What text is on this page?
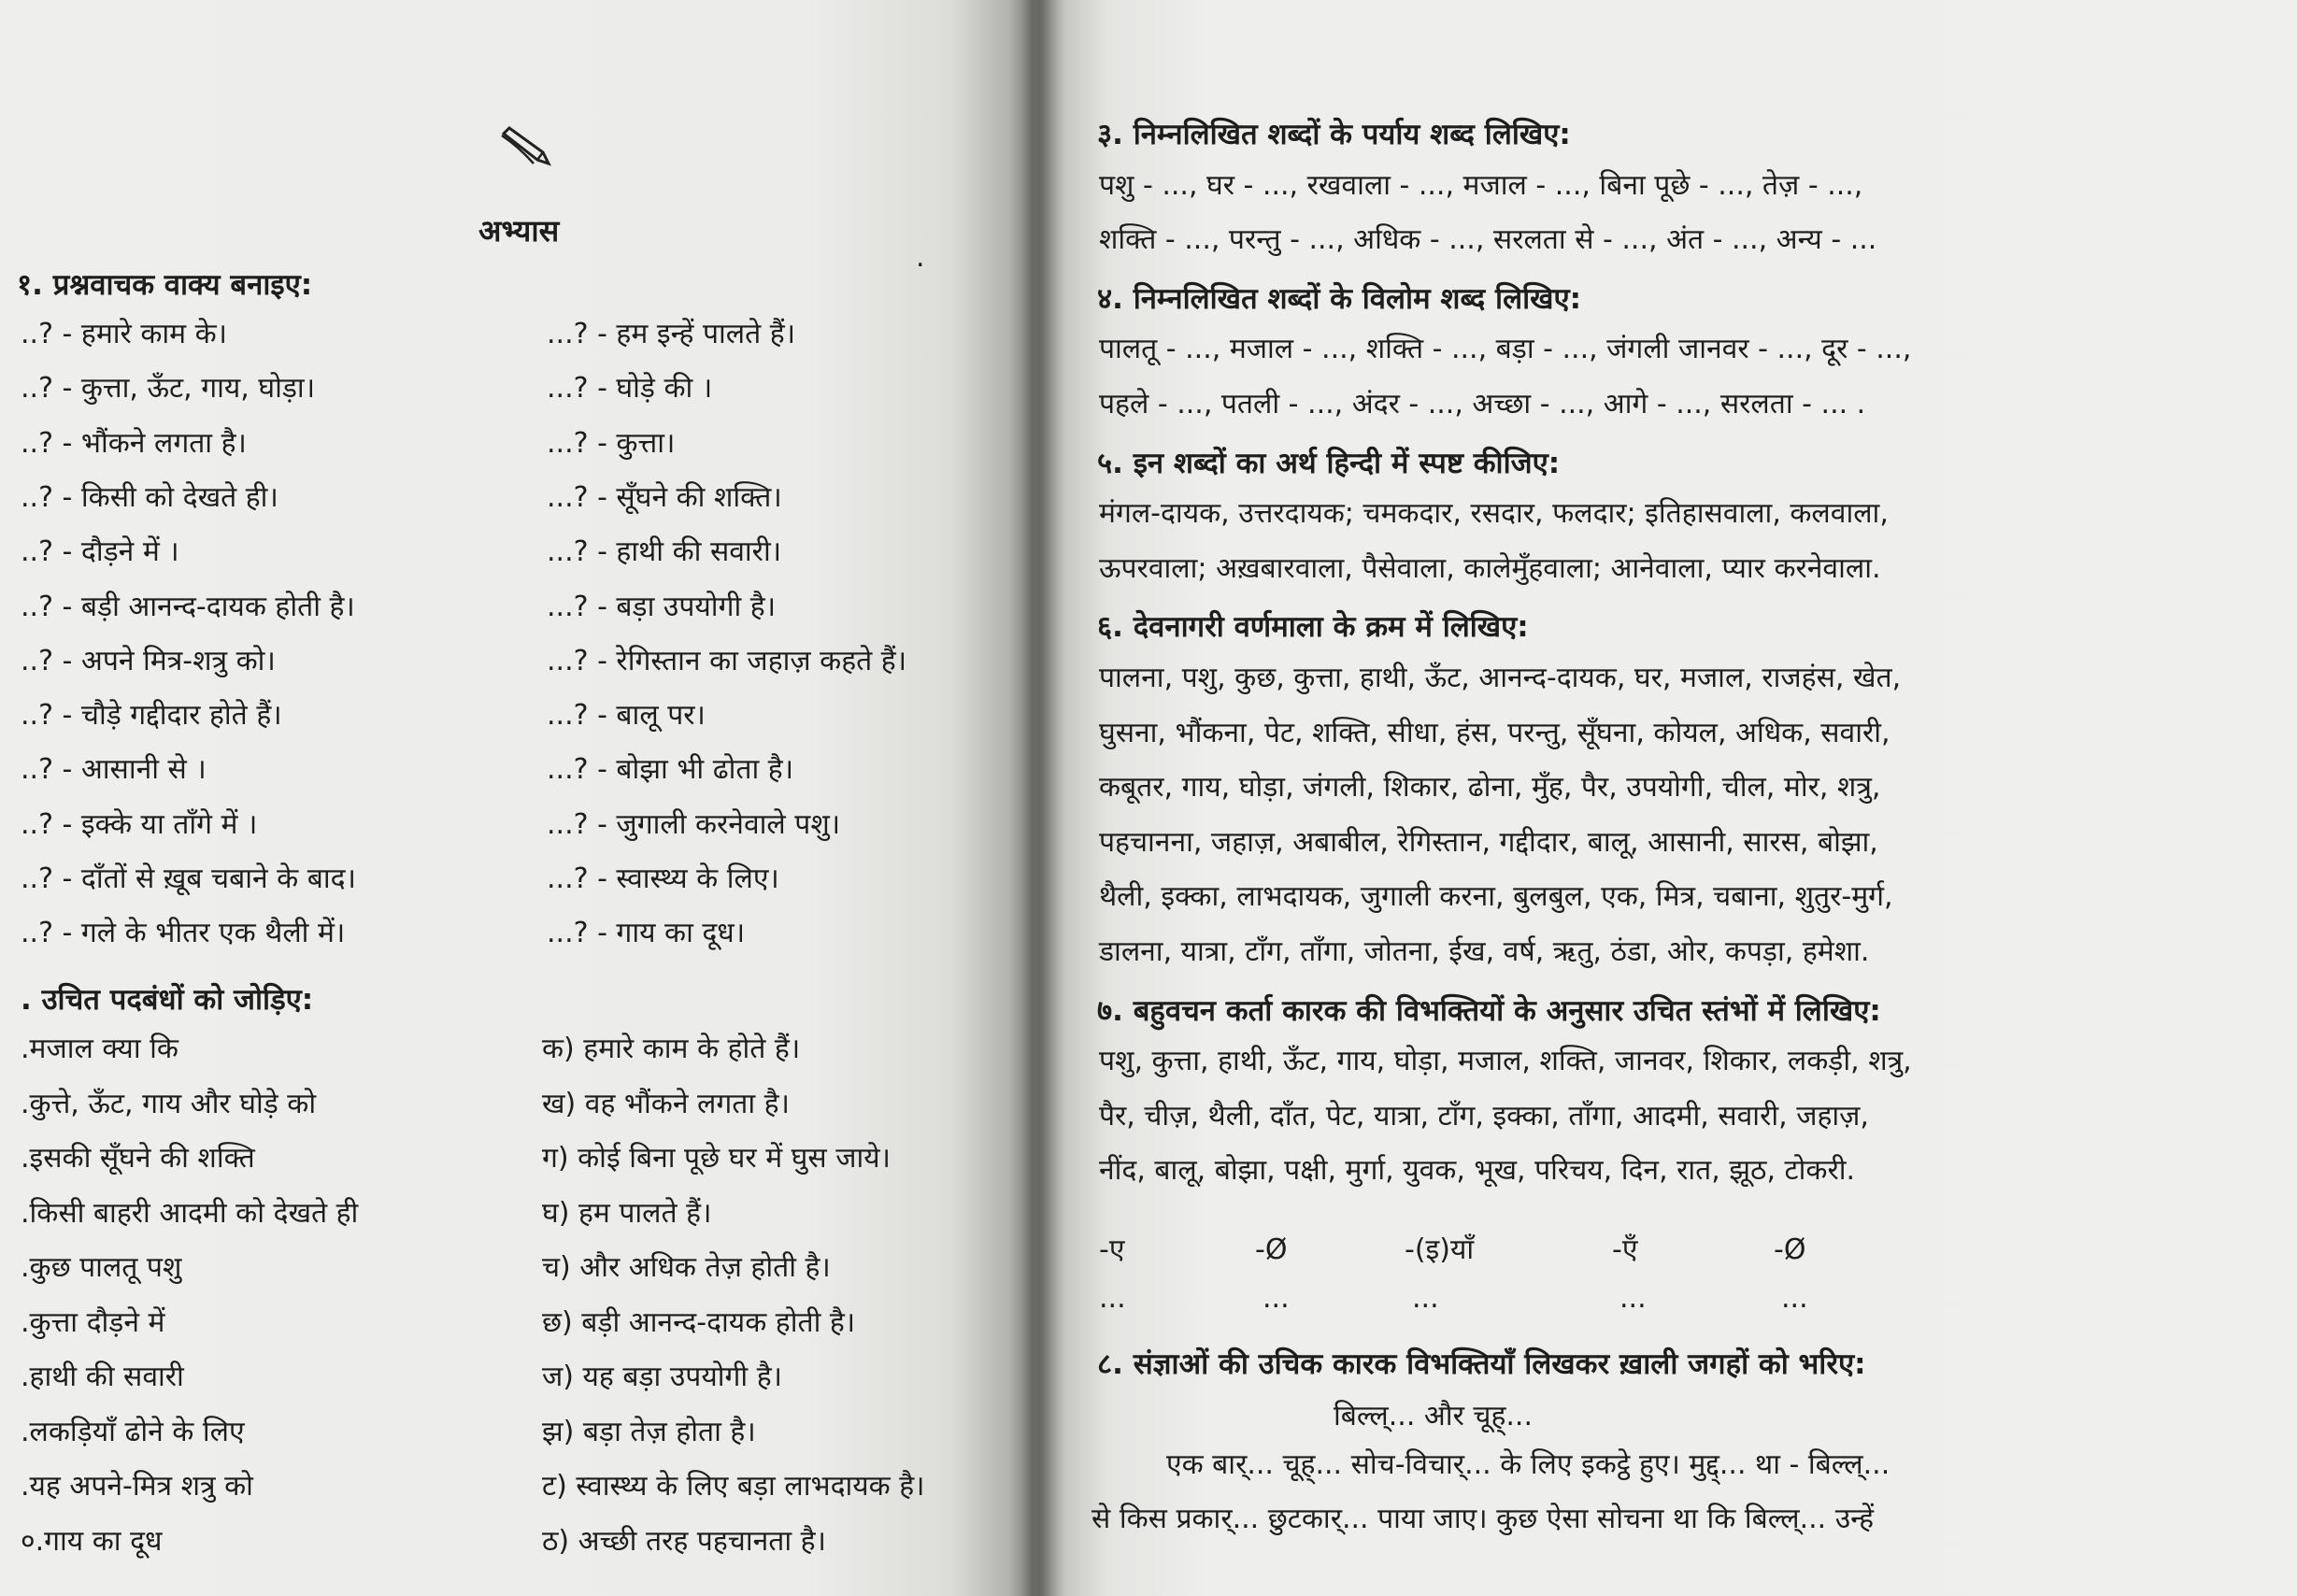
अभ्यास
.
१. प्रश्नवाचक वाक्य बनाइए:
..? - हमारे काम के।	...? - हम इन्हें पालते हैं।
..? - कुत्ता, ऊँट, गाय, घोड़ा।	...? - घोड़े की ।
..? - भौंकने लगता है।	...? - कुत्ता।
..? - किसी को देखते ही।	...? - सूँघने की शक्ति।
..? - दौड़ने में ।	...? - हाथी की सवारी।
..? - बड़ी आनन्द-दायक होती है।	...? - बड़ा उपयोगी है।
..? - अपने मित्र-शत्रु को।	...? - रेगिस्तान का जहाज़ कहते हैं।
..? - चौड़े गद्दीदार होते हैं।	...? - बालू पर।
..? - आसानी से ।	...? - बोझा भी ढोता है।
..? - इक्के या ताँगे में ।	...? - जुगाली करनेवाले पशु।
..? - दाँतों से ख़ूब चबाने के बाद।	...? - स्वास्थ्य के लिए।
..? - गले के भीतर एक थैली में।	...? - गाय का दूध।
. उचित पदबंधों को जोड़िए:
.मजाल क्या कि	क) हमारे काम के होते हैं।
.कुत्ते, ऊँट, गाय और घोड़े को	ख) वह भौंकने लगता है।
.इसकी सूँघने की शक्ति	ग) कोई बिना पूछे घर में घुस जाये।
.किसी बाहरी आदमी को देखते ही	घ) हम पालते हैं।
.कुछ पालतू पशु	च) और अधिक तेज़ होती है।
.कुत्ता दौड़ने में	छ) बड़ी आनन्द-दायक होती है।
.हाथी की सवारी	ज) यह बड़ा उपयोगी है।
.लकड़ियाँ ढोने के लिए	झ) बड़ा तेज़ होता है।
.यह अपने-मित्र शत्रु को	ट) स्वास्थ्य के लिए बड़ा लाभदायक है।
०.गाय का दूध	ठ) अच्छी तरह पहचानता है।
३. निम्नलिखित शब्दों के पर्याय शब्द लिखिए:
पशु - ..., घर - ..., रखवाला - ..., मजाल - ..., बिना पूछे - ..., तेज़ - ...,
शक्ति - ..., परन्तु - ..., अधिक - ..., सरलता से - ..., अंत - ..., अन्य - ...
४. निम्नलिखित शब्दों के विलोम शब्द लिखिए:
पालतू - ..., मजाल - ..., शक्ति - ..., बड़ा - ..., जंगली जानवर - ..., दूर - ...,
पहले - ..., पतली - ..., अंदर - ..., अच्छा - ..., आगे - ..., सरलता - ... .
५. इन शब्दों का अर्थ हिन्दी में स्पष्ट कीजिए:
मंगल-दायक, उत्तरदायक; चमकदार, रसदार, फलदार; इतिहासवाला, कलवाला,
ऊपरवाला; अख़बारवाला, पैसेवाला, कालेमुँहवाला; आनेवाला, प्यार करनेवाला.
६. देवनागरी वर्णमाला के क्रम में लिखिए:
पालना, पशु, कुछ, कुत्ता, हाथी, ऊँट, आनन्द-दायक, घर, मजाल, राजहंस, खेत,
घुसना, भौंकना, पेट, शक्ति, सीधा, हंस, परन्तु, सूँघना, कोयल, अधिक, सवारी,
कबूतर, गाय, घोड़ा, जंगली, शिकार, ढोना, मुँह, पैर, उपयोगी, चील, मोर, शत्रु,
पहचानना, जहाज़, अबाबील, रेगिस्तान, गद्दीदार, बालू, आसानी, सारस, बोझा,
थैली, इक्का, लाभदायक, जुगाली करना, बुलबुल, एक, मित्र, चबाना, शुतुर-मुर्ग,
डालना, यात्रा, टाँग, ताँगा, जोतना, ईख, वर्ष, ऋतु, ठंडा, ओर, कपड़ा, हमेशा.
७. बहुवचन कर्ता कारक की विभक्तियों के अनुसार उचित स्तंभों में लिखिए:
पशु, कुत्ता, हाथी, ऊँट, गाय, घोड़ा, मजाल, शक्ति, जानवर, शिकार, लकड़ी, शत्रु,
पैर, चीज़, थैली, दाँत, पेट, यात्रा, टाँग, इक्का, ताँगा, आदमी, सवारी, जहाज़,
नींद, बालू, बोझा, पक्षी, मुर्गा, युवक, भूख, परिचय, दिन, रात, झूठ, टोकरी.
-ए	-Ø	-(इ)याँ	-एँ	-Ø
...	...	...	...	...
८. संज्ञाओं की उचिक कारक विभक्तियाँ लिखकर ख़ाली जगहों को भरिए:
बिल्ल्... और चूह्...
एक बार्... चूह्... सोच-विचार्... के लिए इकट्ठे हुए। मुद्द्... था - बिल्ल्...
से किस प्रकार्... छुटकार्... पाया जाए। कुछ ऐसा सोचना था कि बिल्ल्... उन्हें
